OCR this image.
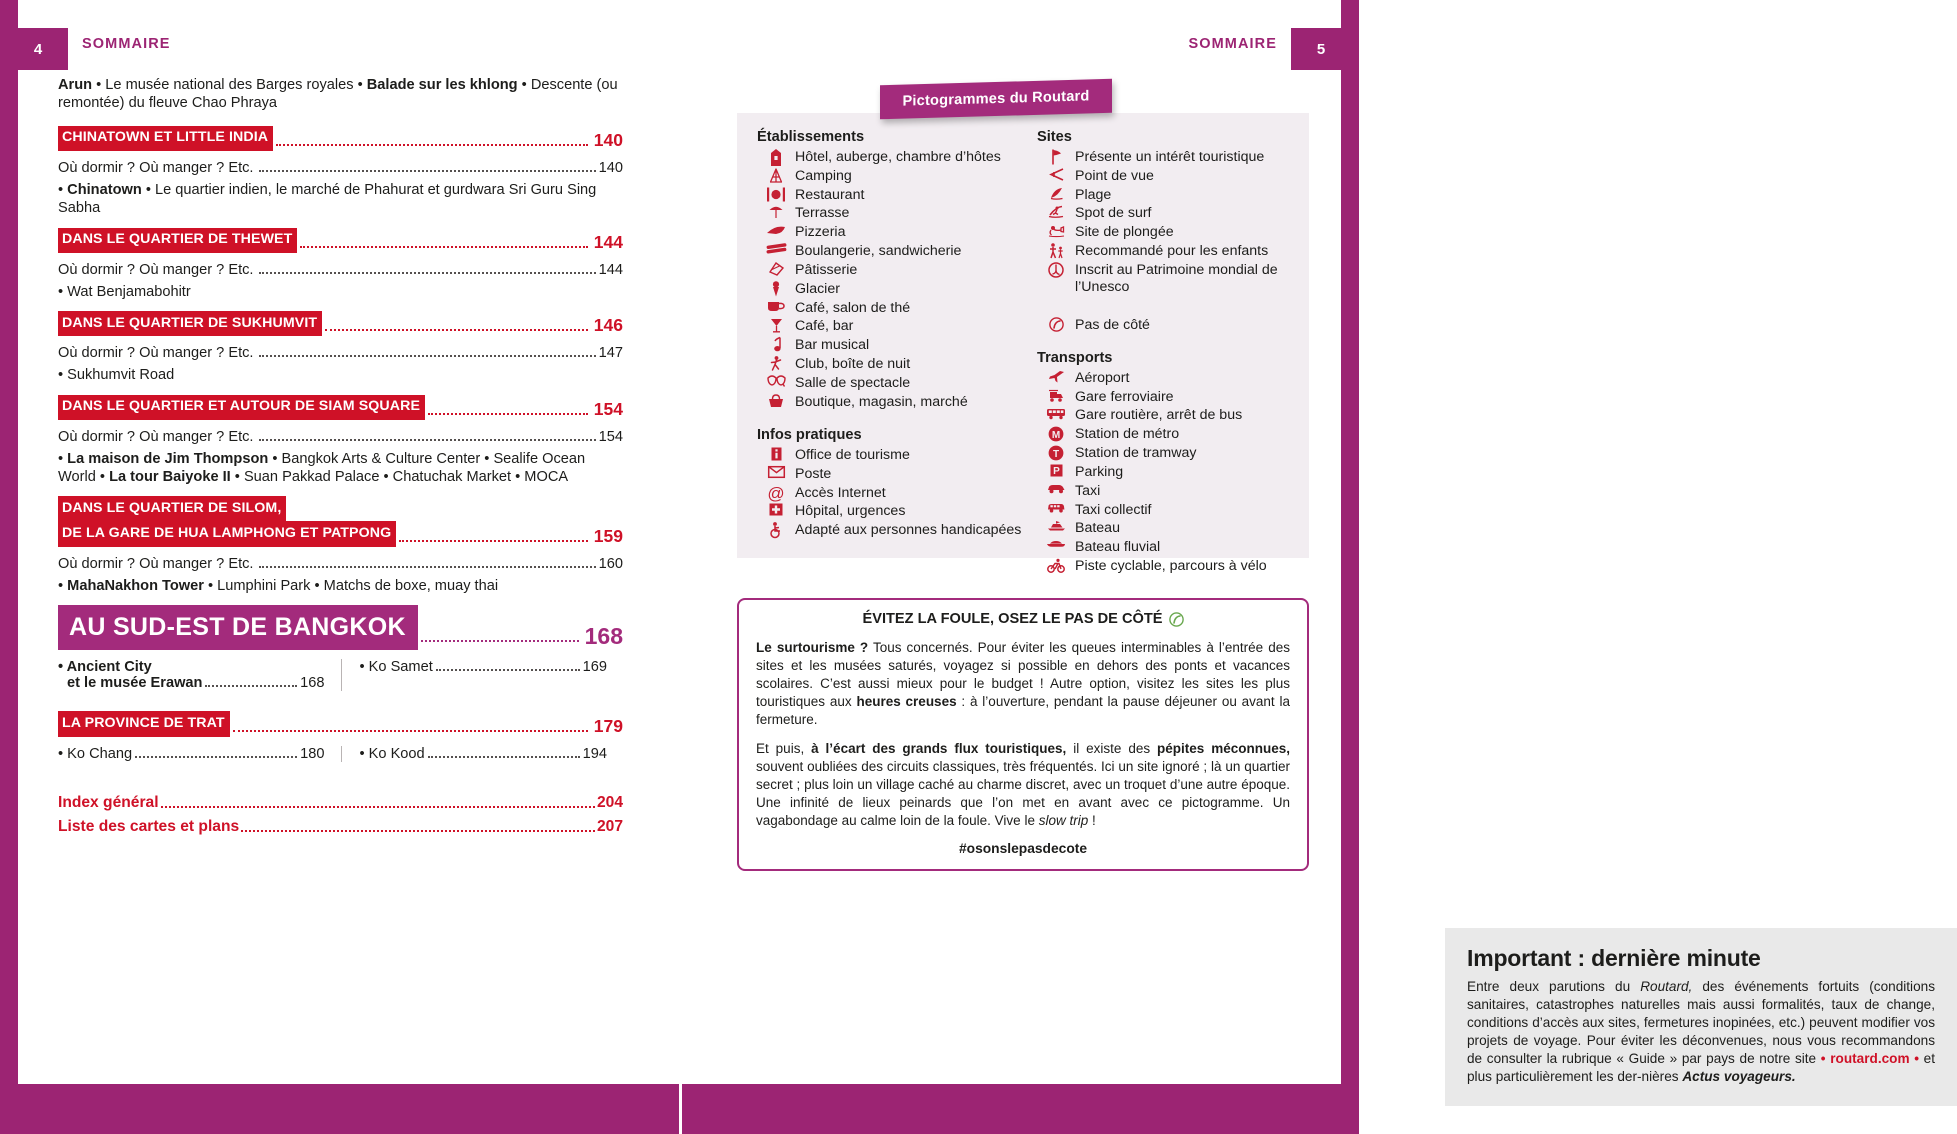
4	SOMMAIRE	5
SOMMAIRE
Arun • Le musée national des Barges royales • Balade sur les khlong • Descente (ou remontée) du fleuve Chao Phraya
CHINATOWN ET LITTLE INDIA	140
Où dormir ? Où manger ? Etc.	140
• Chinatown • Le quartier indien, le marché de Phahurat et gurdwara Sri Guru Sing Sabha
DANS LE QUARTIER DE THEWET	144
Où dormir ? Où manger ? Etc.	144
• Wat Benjamabohitr
DANS LE QUARTIER DE SUKHUMVIT	146
Où dormir ? Où manger ? Etc.	147
• Sukhumvit Road
DANS LE QUARTIER ET AUTOUR DE SIAM SQUARE	154
Où dormir ? Où manger ? Etc.	154
• La maison de Jim Thompson • Bangkok Arts & Culture Center • Sealife Ocean World • La tour Baiyoke II • Suan Pakkad Palace • Chatuchak Market • MOCA
DANS LE QUARTIER DE SILOM,
DE LA GARE DE HUA LAMPHONG ET PATPONG	159
Où dormir ? Où manger ? Etc.	160
• MahaNakhon Tower • Lumphini Park • Matchs de boxe, muay thai
AU SUD-EST DE BANGKOK	168
• Ancient City
et le musée Erawan	168
• Ko Samet	169
LA PROVINCE DE TRAT	179
• Ko Chang	180 • Ko Kood	194
Index général	204
Liste des cartes et plans	207
Établissements
Hôtel, auberge, chambre d’hôtes
Camping
Restaurant
Terrasse
Pizzeria
Boulangerie, sandwicherie
Pâtisserie
Glacier
Café, salon de thé
Café, bar
Bar musical
Club, boîte de nuit
Salle de spectacle
Boutique, magasin, marché
Infos pratiques
Office de tourisme
Poste
@ Accès Internet
Hôpital, urgences
Adapté aux personnes handicapées
Sites
Présente un intérêt touristique
Point de vue
Plage
Spot de surf
Site de plongée
Recommandé pour les enfants
Inscrit au Patrimoine mondial de l’Unesco
Pas de côté
Transports
Aéroport
Gare ferroviaire
Gare routière, arrêt de bus
M Station de métro
T Station de tramway
P Parking
Taxi
Taxi collectif
Bateau
Bateau fluvial
Piste cyclable, parcours à vélo
Pictogrammes du Routard
ÉVITEZ LA FOULE, OSEZ LE PAS DE CÔTÉ
Le surtourisme ? Tous concernés. Pour éviter les queues interminables à l’entrée des sites et les musées saturés, voyagez si possible en dehors des ponts et vacances scolaires. C’est aussi mieux pour le budget ! Autre option, visitez les sites les plus touristiques aux heures creuses : à l’ouverture, pendant la pause déjeuner ou avant la fermeture.
Et puis, à l’écart des grands flux touristiques, il existe des pépites méconnues, souvent oubliées des circuits classiques, très fréquentés. Ici un site ignoré ; là un quartier secret ; plus loin un village caché au charme discret, avec un troquet d’une autre époque. Une infinité de lieux peinards que l’on met en avant avec ce pictogramme. Un vagabondage au calme loin de la foule. Vive le slow trip !
#osonslepasdecote
Important : dernière minute
Entre deux parutions du Routard, des événements fortuits (conditions sanitaires, catastrophes naturelles mais aussi formalités, taux de change, conditions d’accès aux sites, fermetures inopinées, etc.) peuvent modifier vos projets de voyage. Pour éviter les déconvenues, nous vous recommandons de consulter la rubrique « Guide » par pays de notre site • routard.com • et plus particulièrement les der-nières Actus voyageurs.
